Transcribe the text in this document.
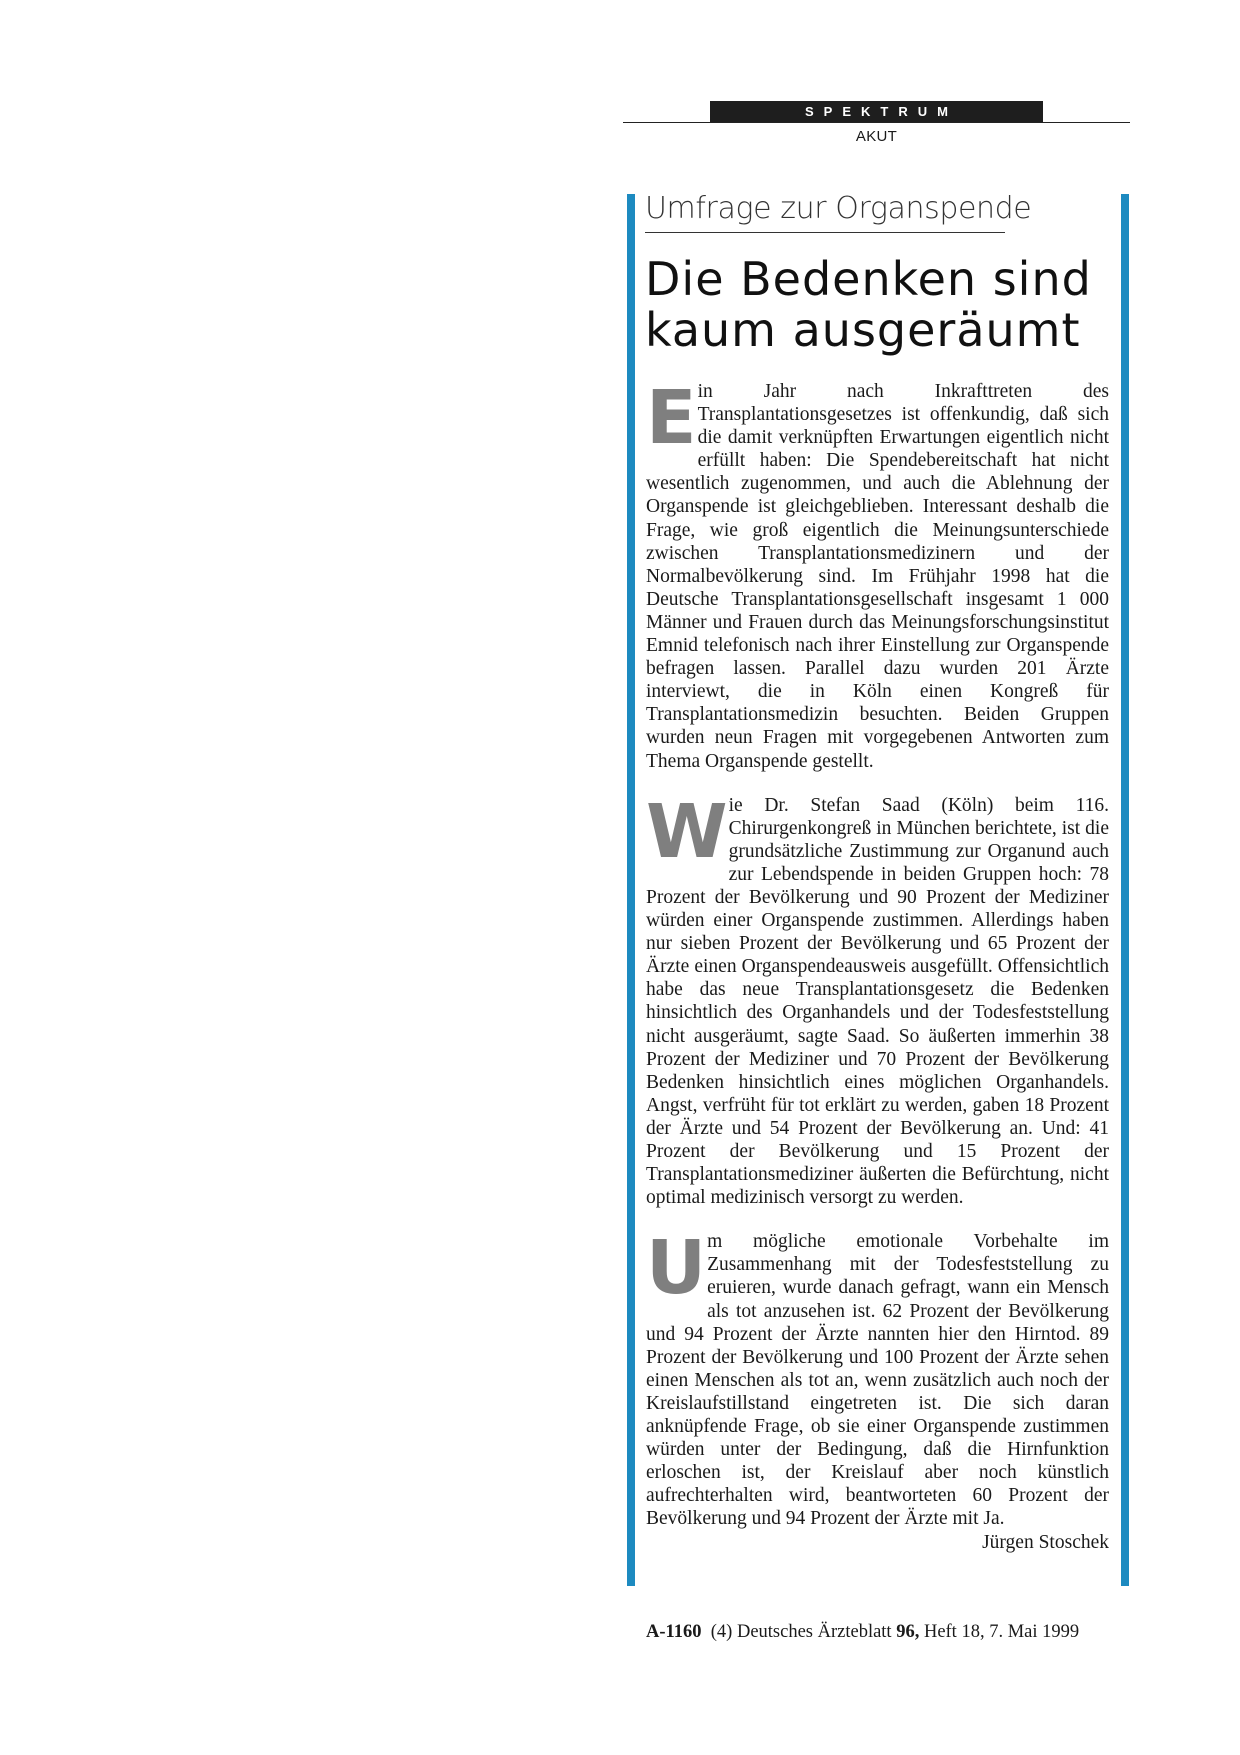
SPEKTRUM
AKUT
Umfrage zur Organspende
Die Bedenken sind
kaum ausgeräumt

Ein Jahr nach Inkrafttreten des Transplantationsgesetzes ist offenkundig, daß sich die damit verknüpften Erwartungen eigentlich nicht erfüllt haben: Die Spendebereitschaft hat nicht wesentlich zugenommen, und auch die Ablehnung der Organspende ist gleichgeblieben. Interessant deshalb die Frage, wie groß eigentlich die Meinungsunterschiede zwischen Transplantationsmedizinern und der Normalbevölkerung sind. Im Frühjahr 1998 hat die Deutsche Transplantationsgesellschaft insgesamt 1 000 Männer und Frauen durch das Meinungsforschungsinstitut Emnid telefonisch nach ihrer Einstellung zur Organspende befragen lassen. Parallel dazu wurden 201 Ärzte interviewt, die in Köln einen Kongreß für Transplantationsmedizin besuchten. Beiden Gruppen wurden neun Fragen mit vorgegebenen Antworten zum Thema Organspende gestellt.

Wie Dr. Stefan Saad (Köln) beim 116. Chirurgenkongreß in München berichtete, ist die grundsätzliche Zustimmung zur Organund auch zur Lebendspende in beiden Gruppen hoch: 78 Prozent der Bevölkerung und 90 Prozent der Mediziner würden einer Organspende zustimmen. Allerdings haben nur sieben Prozent der Bevölkerung und 65 Prozent der Ärzte einen Organspendeausweis ausgefüllt. Offensichtlich habe das neue Transplantationsgesetz die Bedenken hinsichtlich des Organhandels und der Todesfeststellung nicht ausgeräumt, sagte Saad. So äußerten immerhin 38 Prozent der Mediziner und 70 Prozent der Bevölkerung Bedenken hinsichtlich eines möglichen Organhandels. Angst, verfrüht für tot erklärt zu werden, gaben 18 Prozent der Ärzte und 54 Prozent der Bevölkerung an. Und: 41 Prozent der Bevölkerung und 15 Prozent der Transplantationsmediziner äußerten die Befürchtung, nicht optimal medizinisch versorgt zu werden.

Um mögliche emotionale Vorbehalte im Zusammenhang mit der Todesfeststellung zu eruieren, wurde danach gefragt, wann ein Mensch als tot anzusehen ist. 62 Prozent der Bevölkerung und 94 Prozent der Ärzte nannten hier den Hirntod. 89 Prozent der Bevölkerung und 100 Prozent der Ärzte sehen einen Menschen als tot an, wenn zusätzlich auch noch der Kreislaufstillstand eingetreten ist. Die sich daran anknüpfende Frage, ob sie einer Organspende zustimmen würden unter der Bedingung, daß die Hirnfunktion erloschen ist, der Kreislauf aber noch künstlich aufrechterhalten wird, beantworteten 60 Prozent der Bevölkerung und 94 Prozent der Ärzte mit Ja.
Jürgen Stoschek

A-1160 (4) Deutsches Ärzteblatt 96, Heft 18, 7. Mai 1999
